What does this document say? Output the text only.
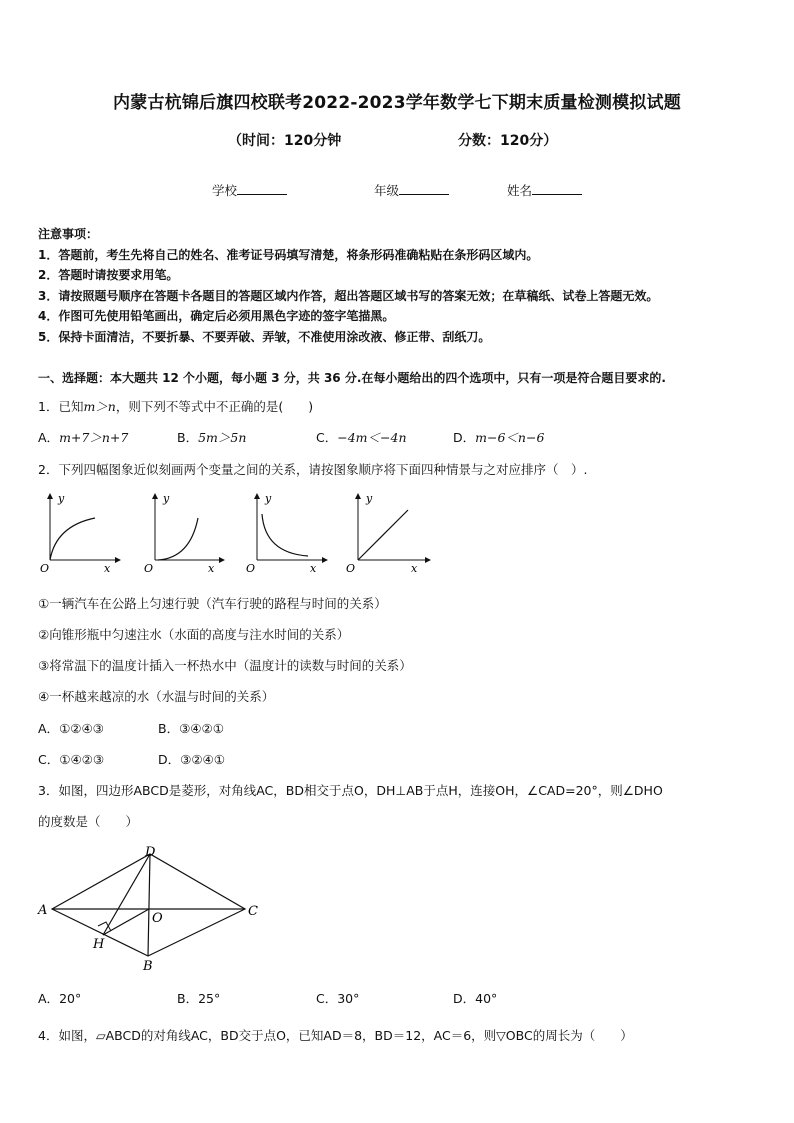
内蒙古杭锦后旗四校联考2022-2023学年数学七下期末质量检测模拟试题
（时间：120分钟	分数：120分）
学校	年级	姓名
注意事项：
1．答题前，考生先将自己的姓名、准考证号码填写清楚，将条形码准确粘贴在条形码区域内。
2．答题时请按要求用笔。
3．请按照题号顺序在答题卡各题目的答题区域内作答，超出答题区域书写的答案无效；在草稿纸、试卷上答题无效。
4．作图可先使用铅笔画出，确定后必须用黑色字迹的签字笔描黑。
5．保持卡面清洁，不要折暴、不要弄破、弄皱，不准使用涂改液、修正带、刮纸刀。
一、选择题：本大题共 12 个小题，每小题 3 分，共 36 分.在每小题给出的四个选项中，只有一项是符合题目要求的.
1．已知m＞n，则下列不等式中不正确的是(　　)
A．m+7＞n+7	B．5m＞5n	C．−4m＜−4n	D．m−6＜n−6
2．下列四幅图象近似刻画两个变量之间的关系，请按图象顺序将下面四种情景与之对应排序（　）.
y
O	x
y
O	x
y
O	x
y
O	x
①一辆汽车在公路上匀速行驶（汽车行驶的路程与时间的关系）
②向锥形瓶中匀速注水（水面的高度与注水时间的关系）
③将常温下的温度计插入一杯热水中（温度计的读数与时间的关系）
④一杯越来越凉的水（水温与时间的关系）
A．①②④③	B．③④②①
C．①④②③	D．③②④①
3．如图，四边形ABCD是菱形，对角线AC，BD相交于点O，DH⊥AB于点H，连接OH，∠CAD=20°，则∠DHO
的度数是（　　）
D
A	C
O
H
B
A．20°	B．25°	C．30°	D．40°
4．如图，▱ABCD的对角线AC，BD交于点O，已知AD＝8，BD＝12，AC＝6，则▽OBC的周长为（　　）
